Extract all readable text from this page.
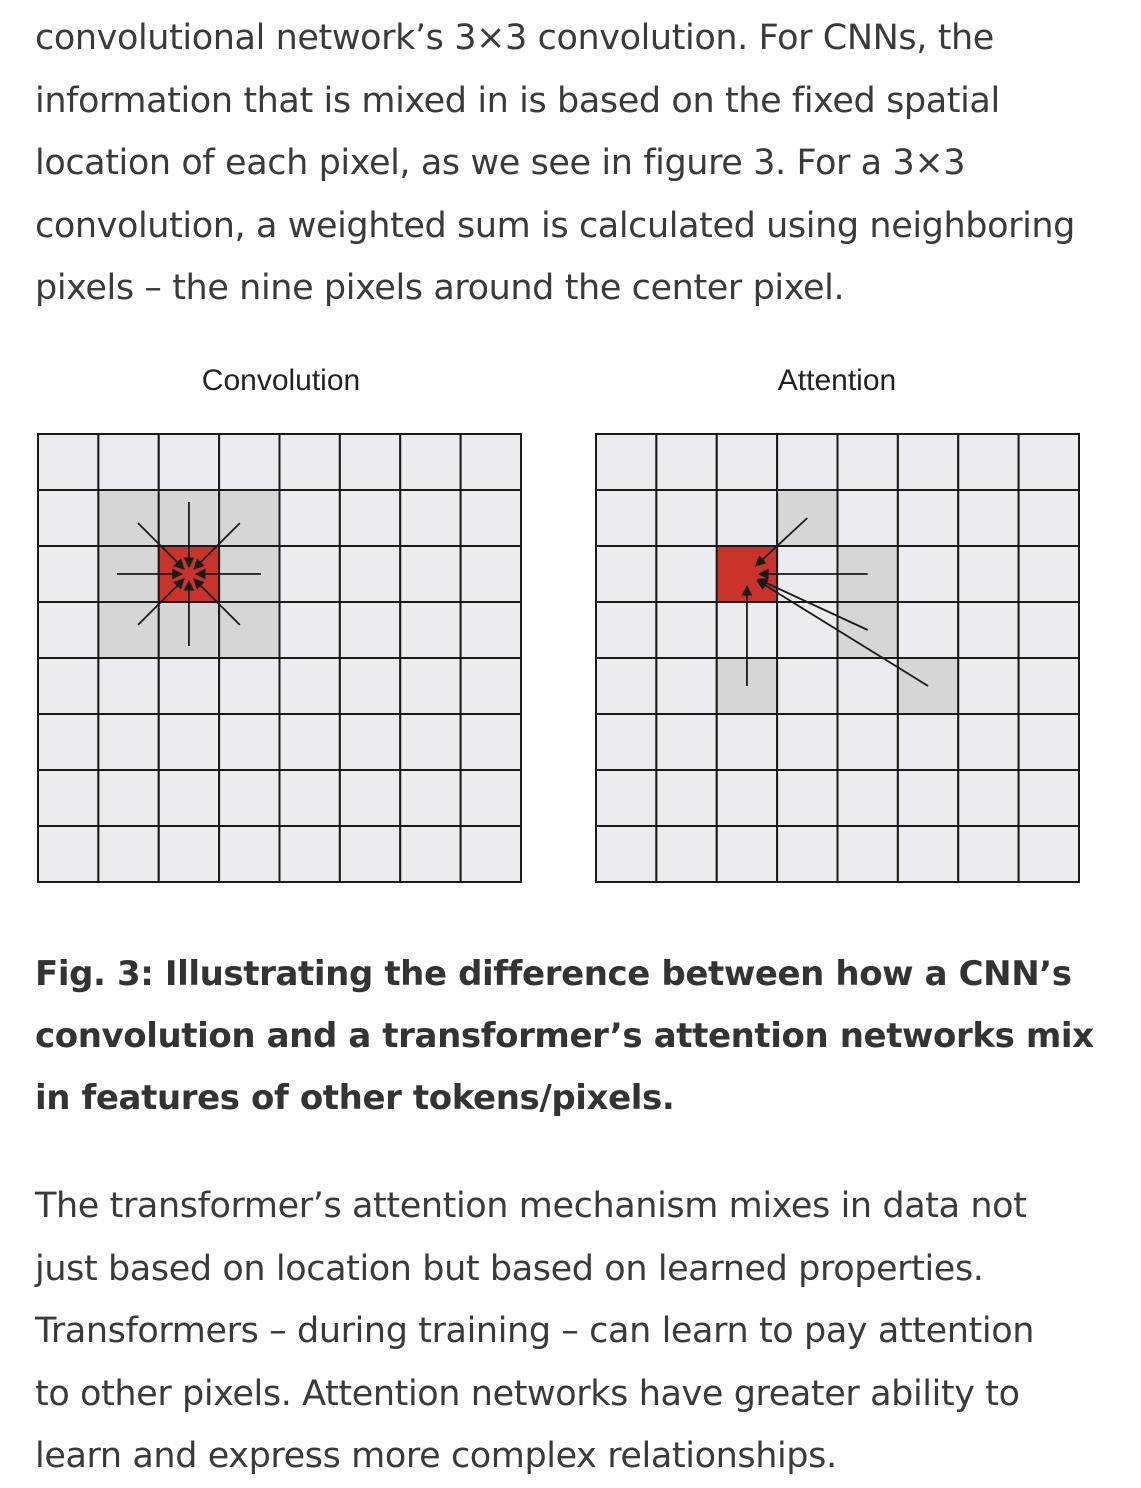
convolutional network’s 3×3 convolution. For CNNs, the
information that is mixed in is based on the fixed spatial
location of each pixel, as we see in figure 3. For a 3×3
convolution, a weighted sum is calculated using neighboring
pixels – the nine pixels around the center pixel.

Convolution	Attention

Fig. 3: Illustrating the difference between how a CNN’s
convolution and a transformer’s attention networks mix
in features of other tokens/pixels.

The transformer’s attention mechanism mixes in data not
just based on location but based on learned properties.
Transformers – during training – can learn to pay attention
to other pixels. Attention networks have greater ability to
learn and express more complex relationships.
